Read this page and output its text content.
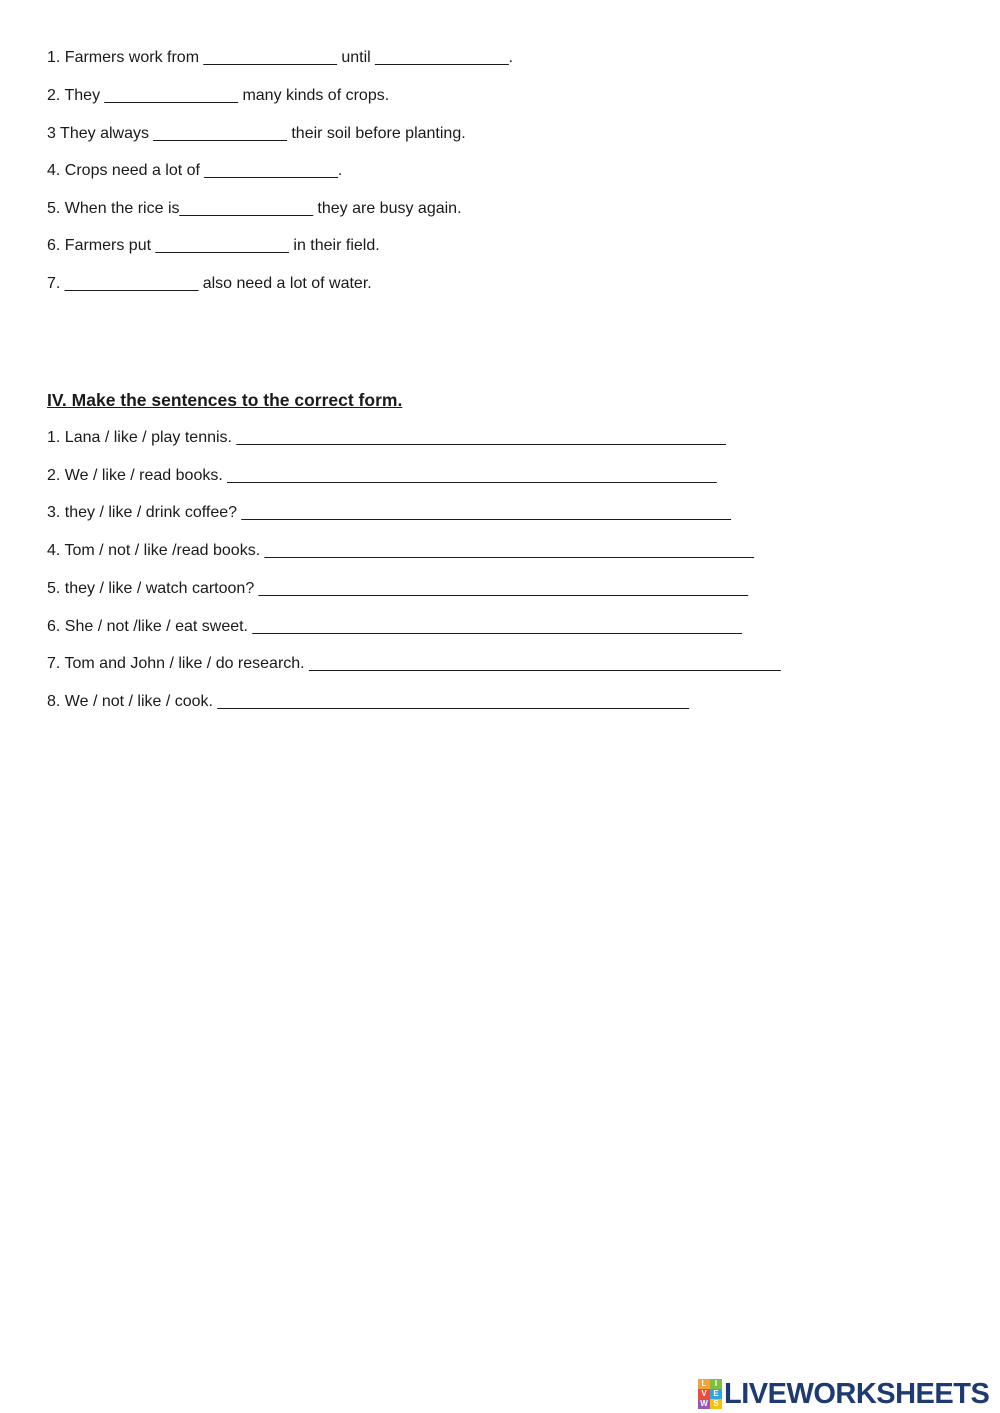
1. Farmers work from _______________ until _______________.
2. They _______________ many kinds of crops.
3 They always _______________ their soil before planting.
4. Crops need a lot of _______________.
5. When the rice is_______________ they are busy again.
6. Farmers put _______________ in their field.
7. _______________ also need a lot of water.
IV. Make the sentences to the correct form.
1. Lana / like / play tennis. _______________________________________________________
2. We / like / read books. _______________________________________________________
3. they / like / drink coffee? _______________________________________________________
4. Tom / not / like /read books. _______________________________________________________
5. they / like / watch cartoon? _______________________________________________________
6. She / not /like / eat sweet. _______________________________________________________
7. Tom and John / like / do research. _____________________________________________________
8. We / not / like / cook. _____________________________________________________
L	I
V E
W S LIVEWORKSHEETS
